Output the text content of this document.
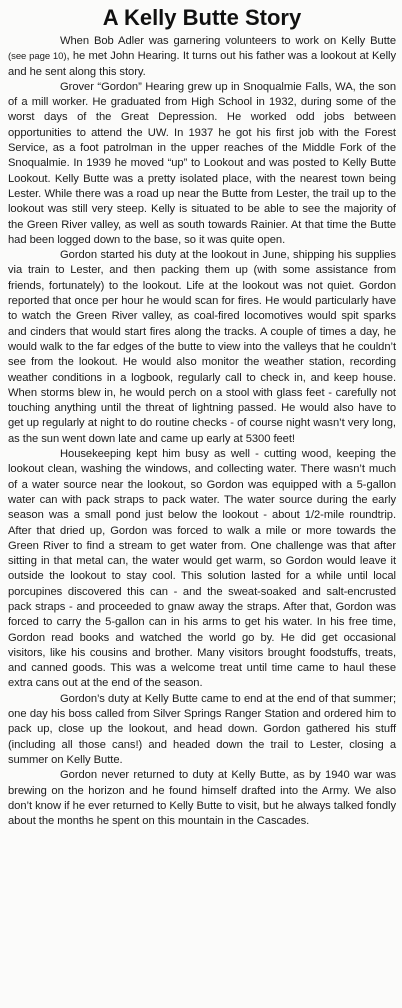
A Kelly Butte Story

When Bob Adler was garnering volunteers to work on Kelly Butte (see page 10), he met John Hearing. It turns out his father was a lookout at Kelly and he sent along this story.

Grover “Gordon” Hearing grew up in Snoqualmie Falls, WA, the son of a mill worker. He graduated from High School in 1932, during some of the worst days of the Great Depression. He worked odd jobs between opportunities to attend the UW. In 1937 he got his first job with the Forest Service, as a foot patrolman in the upper reaches of the Middle Fork of the Snoqualmie. In 1939 he moved “up” to Lookout and was posted to Kelly Butte Lookout. Kelly Butte was a pretty isolated place, with the nearest town being Lester. While there was a road up near the Butte from Lester, the trail up to the lookout was still very steep. Kelly is situated to be able to see the majority of the Green River valley, as well as south towards Rainier. At that time the Butte had been logged down to the base, so it was quite open.

Gordon started his duty at the lookout in June, shipping his supplies via train to Lester, and then packing them up (with some assistance from friends, fortunately) to the lookout. Life at the lookout was not quiet. Gordon reported that once per hour he would scan for fires. He would particularly have to watch the Green River valley, as coal-fired locomotives would spit sparks and cinders that would start fires along the tracks. A couple of times a day, he would walk to the far edges of the butte to view into the valleys that he couldn’t see from the lookout. He would also monitor the weather station, recording weather conditions in a logbook, regularly call to check in, and keep house. When storms blew in, he would perch on a stool with glass feet - carefully not touching anything until the threat of lightning passed. He would also have to get up regularly at night to do routine checks - of course night wasn’t very long, as the sun went down late and came up early at 5300 feet!

Housekeeping kept him busy as well - cutting wood, keeping the lookout clean, washing the windows, and collecting water. There wasn’t much of a water source near the lookout, so Gordon was equipped with a 5-gallon water can with pack straps to pack water. The water source during the early season was a small pond just below the lookout - about 1/2-mile roundtrip. After that dried up, Gordon was forced to walk a mile or more towards the Green River to find a stream to get water from. One challenge was that after sitting in that metal can, the water would get warm, so Gordon would leave it outside the lookout to stay cool. This solution lasted for a while until local porcupines discovered this can - and the sweat-soaked and salt-encrusted pack straps - and proceeded to gnaw away the straps. After that, Gordon was forced to carry the 5-gallon can in his arms to get his water. In his free time, Gordon read books and watched the world go by. He did get occasional visitors, like his cousins and brother. Many visitors brought foodstuffs, treats, and canned goods. This was a welcome treat until time came to haul these extra cans out at the end of the season.

Gordon’s duty at Kelly Butte came to end at the end of that summer; one day his boss called from Silver Springs Ranger Station and ordered him to pack up, close up the lookout, and head down. Gordon gathered his stuff (including all those cans!) and headed down the trail to Lester, closing a summer on Kelly Butte.

Gordon never returned to duty at Kelly Butte, as by 1940 war was brewing on the horizon and he found himself drafted into the Army. We also don’t know if he ever returned to Kelly Butte to visit, but he always talked fondly about the months he spent on this mountain in the Cascades.
